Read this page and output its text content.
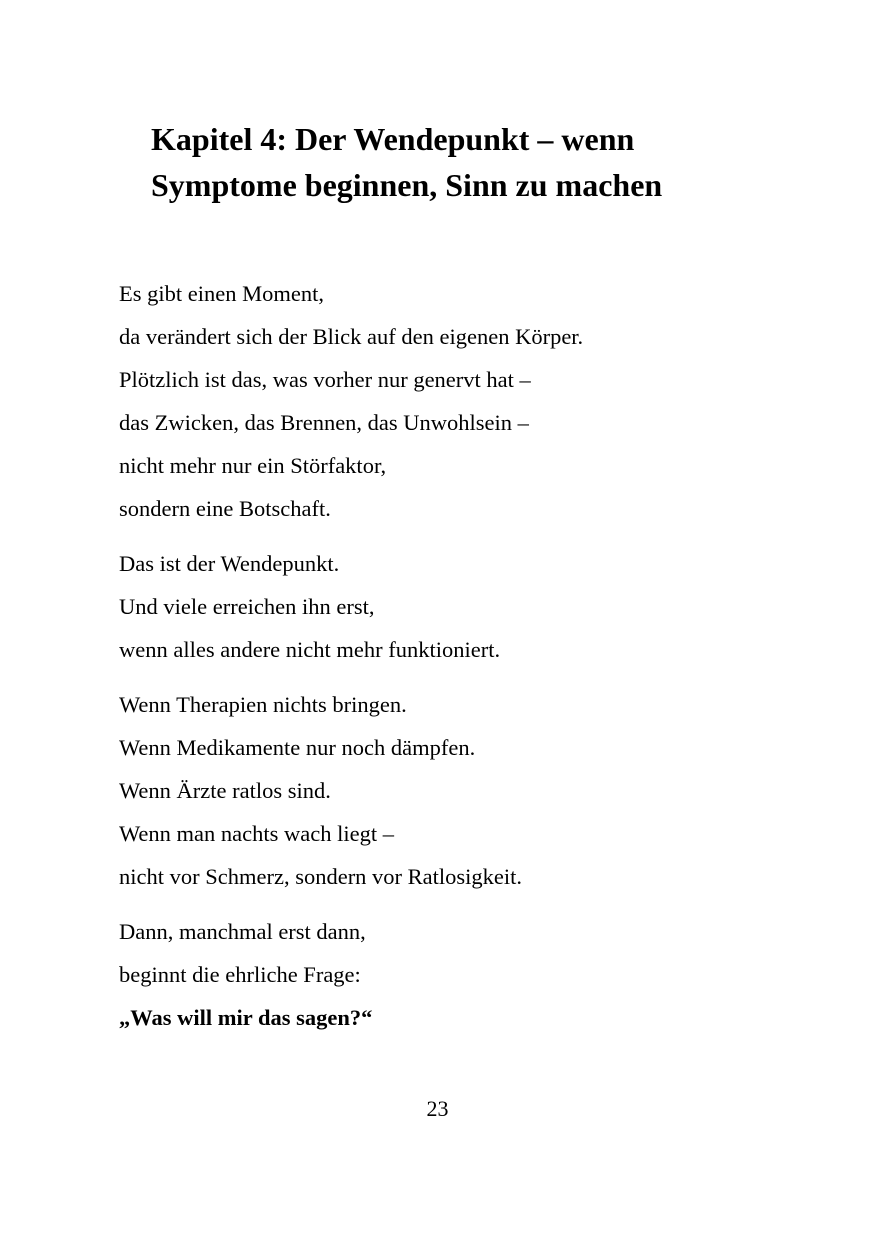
Kapitel 4: Der Wendepunkt – wenn
Symptome beginnen, Sinn zu machen
Es gibt einen Moment,
da verändert sich der Blick auf den eigenen Körper.
Plötzlich ist das, was vorher nur genervt hat –
das Zwicken, das Brennen, das Unwohlsein –
nicht mehr nur ein Störfaktor,
sondern eine Botschaft.
Das ist der Wendepunkt.
Und viele erreichen ihn erst,
wenn alles andere nicht mehr funktioniert.
Wenn Therapien nichts bringen.
Wenn Medikamente nur noch dämpfen.
Wenn Ärzte ratlos sind.
Wenn man nachts wach liegt –
nicht vor Schmerz, sondern vor Ratlosigkeit.
Dann, manchmal erst dann,
beginnt die ehrliche Frage:
„Was will mir das sagen?“
23
